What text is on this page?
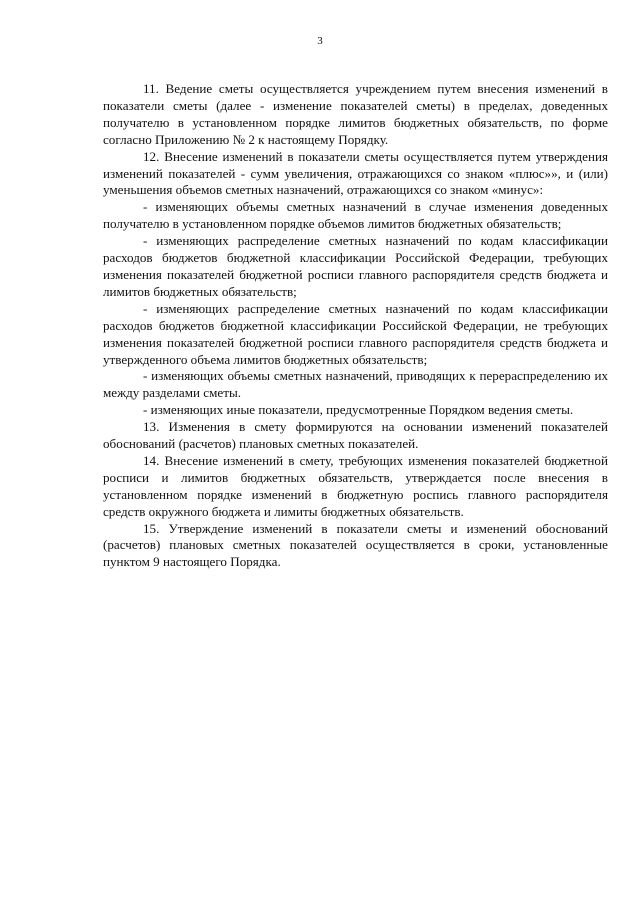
3

11. Ведение сметы осуществляется учреждением путем внесения изменений в показатели сметы (далее - изменение показателей сметы) в пределах, доведенных получателю в установленном порядке лимитов бюджетных обязательств, по форме согласно Приложению № 2 к настоящему Порядку.

12. Внесение изменений в показатели сметы осуществляется путем утверждения изменений показателей - сумм увеличения, отражающихся со знаком «плюс»», и (или) уменьшения объемов сметных назначений, отражающихся со знаком «минус»:

- изменяющих объемы сметных назначений в случае изменения доведенных получателю в установленном порядке объемов лимитов бюджетных обязательств;

- изменяющих распределение сметных назначений по кодам классификации расходов бюджетов бюджетной классификации Российской Федерации, требующих изменения показателей бюджетной росписи главного распорядителя средств бюджета и лимитов бюджетных обязательств;

- изменяющих распределение сметных назначений по кодам классификации расходов бюджетов бюджетной классификации Российской Федерации, не требующих изменения показателей бюджетной росписи главного распорядителя средств бюджета и утвержденного объема лимитов бюджетных обязательств;

- изменяющих объемы сметных назначений, приводящих к перераспределению их между разделами сметы.

- изменяющих иные показатели, предусмотренные Порядком ведения сметы.

13. Изменения в смету формируются на основании изменений показателей обоснований (расчетов) плановых сметных показателей.

14. Внесение изменений в смету, требующих изменения показателей бюджетной росписи и лимитов бюджетных обязательств, утверждается после внесения в установленном порядке изменений в бюджетную роспись главного распорядителя средств окружного бюджета и лимиты бюджетных обязательств.

15. Утверждение изменений в показатели сметы и изменений обоснований (расчетов) плановых сметных показателей осуществляется в сроки, установленные пунктом 9 настоящего Порядка.
